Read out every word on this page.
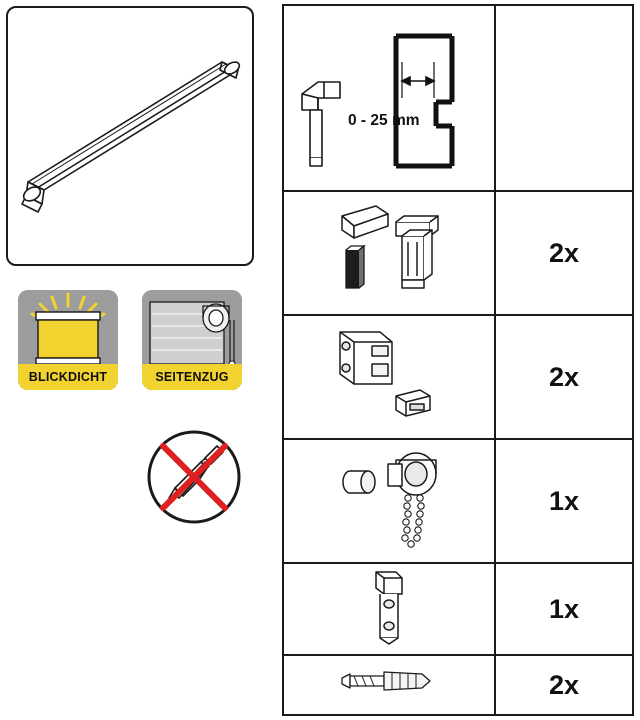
BLICKDICHT	SEITENZUG
0 - 25 mm
2x
2x
1x
1x
2x
